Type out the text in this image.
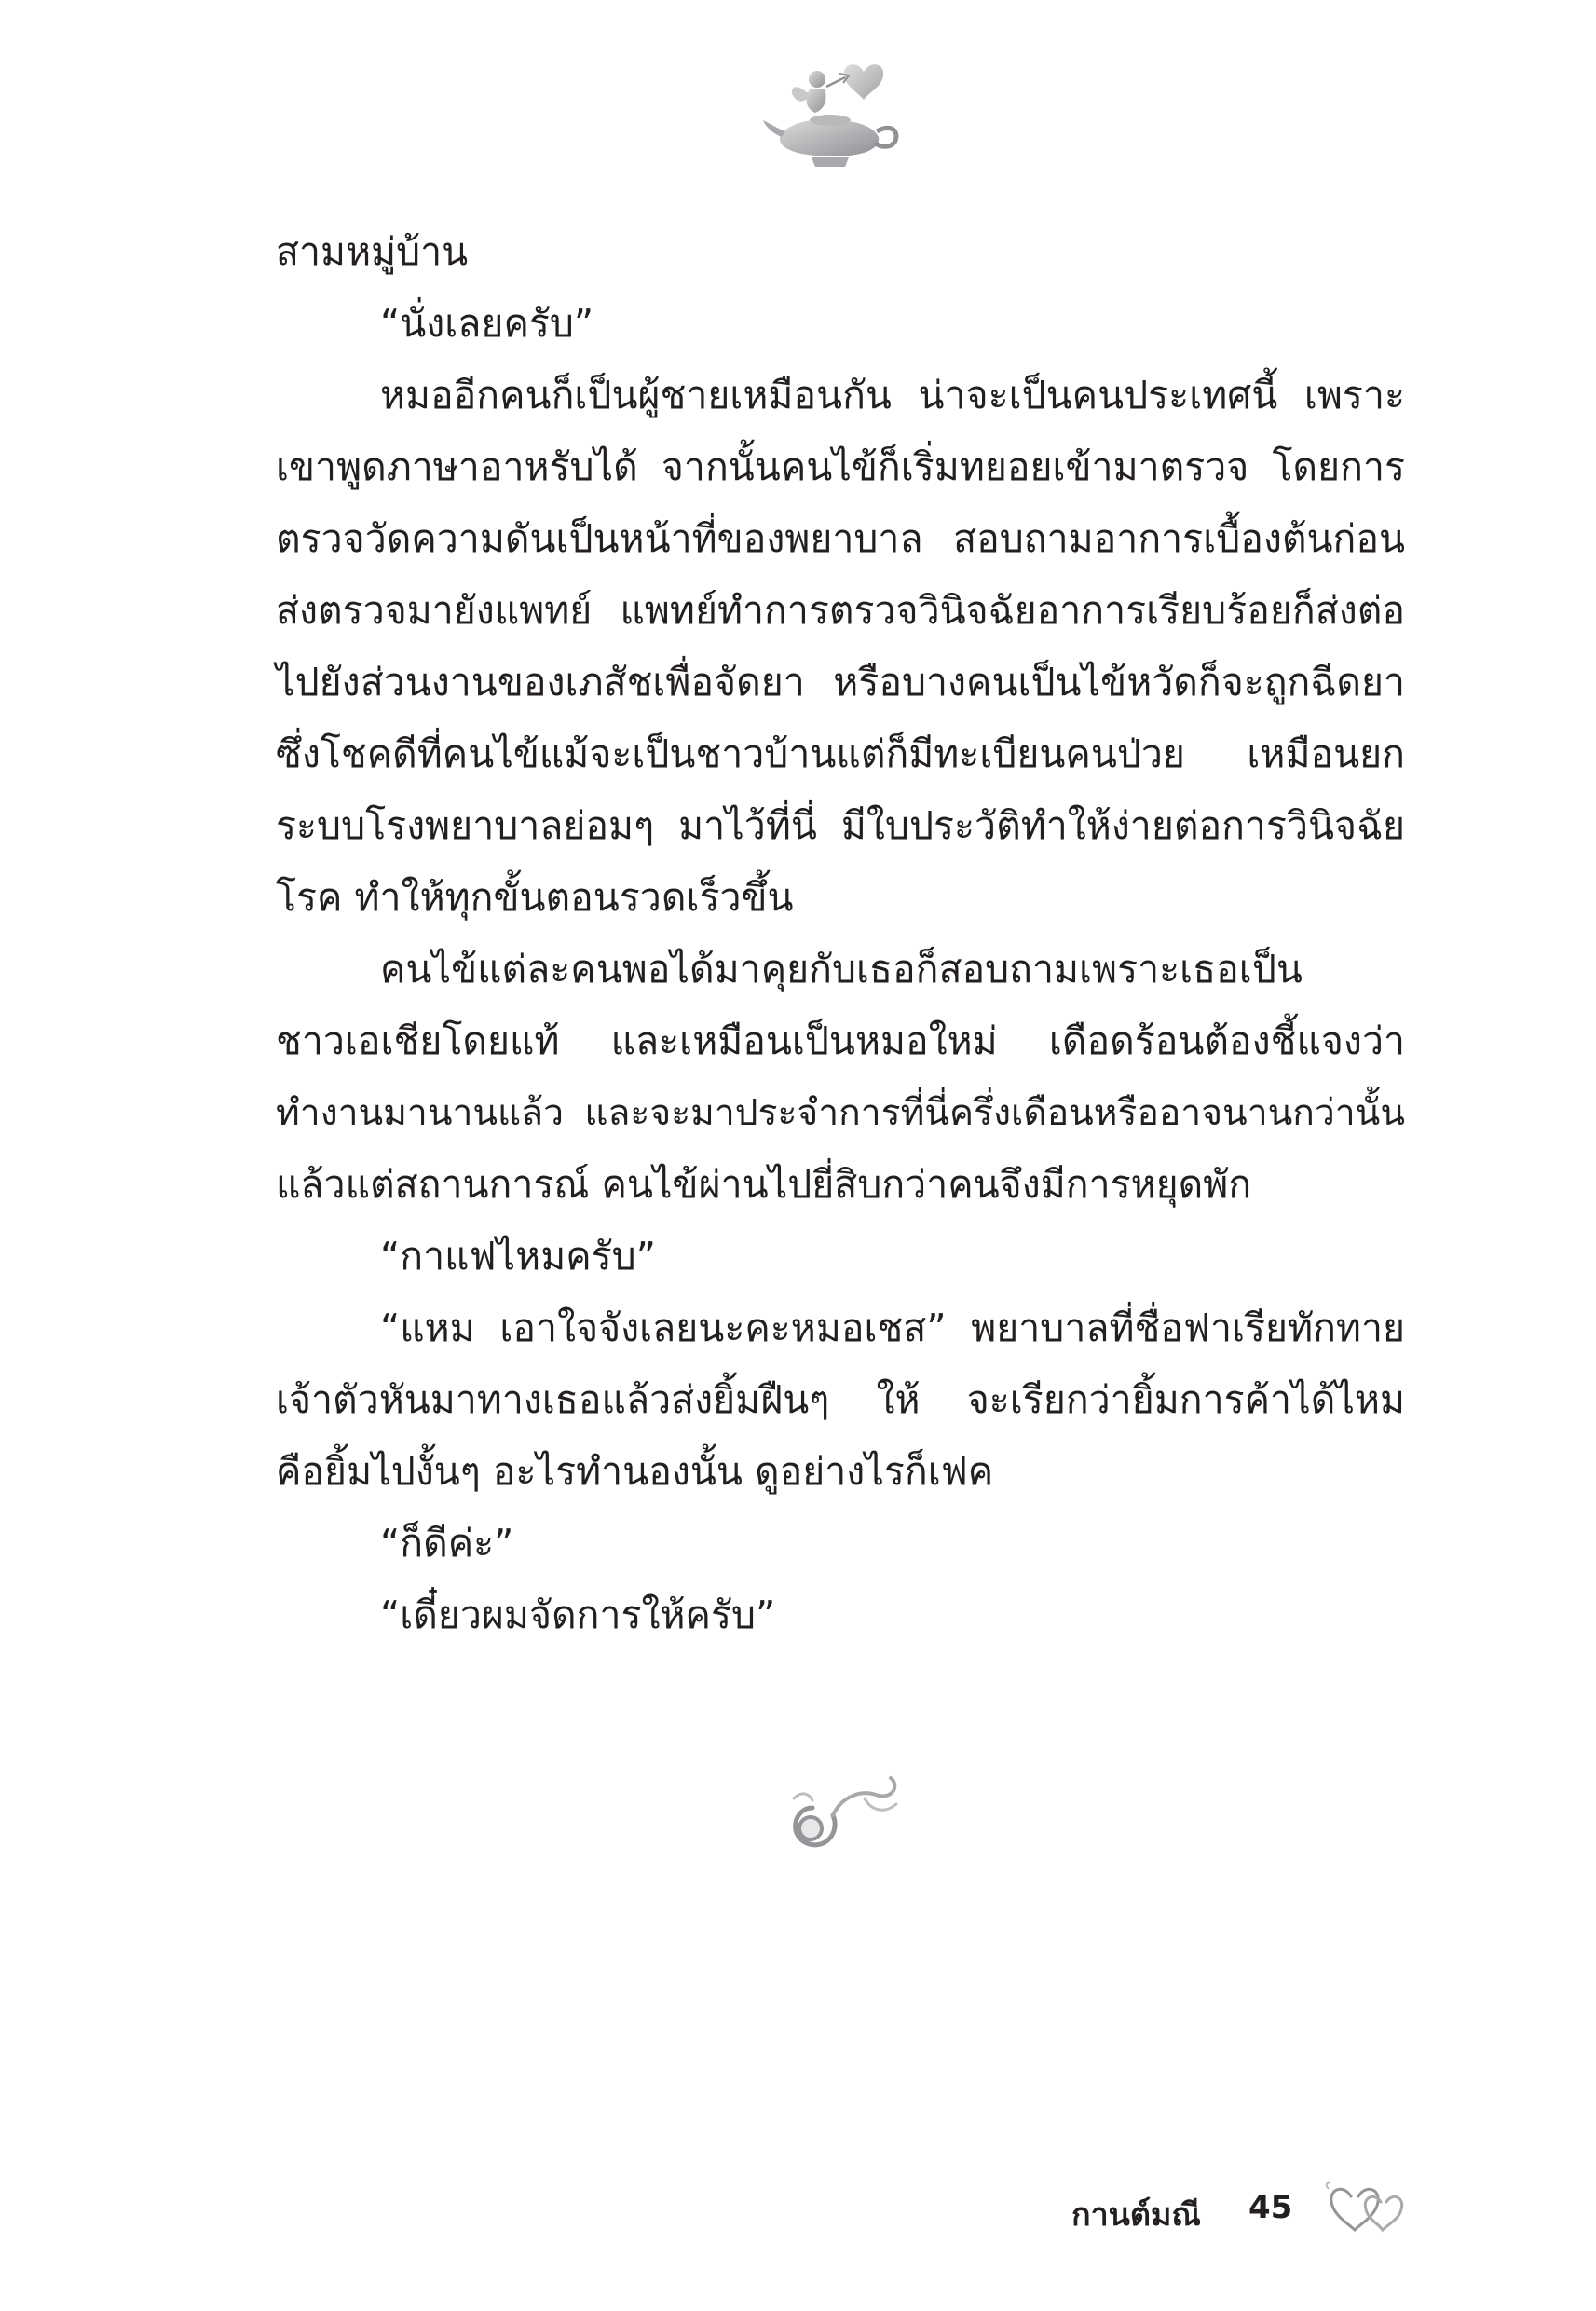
สามหมู่บ้าน
“นั่งเลยครับ”
หมออีกคนก็เป็นผู้ชายเหมือนกัน น่าจะเป็นคนประเทศนี้ เพราะ
เขาพูดภาษาอาหรับได้ จากนั้นคนไข้ก็เริ่มทยอยเข้ามาตรวจ โดยการ
ตรวจวัดความดันเป็นหน้าที่ของพยาบาล สอบถามอาการเบื้องต้นก่อน
ส่งตรวจมายังแพทย์ แพทย์ทำการตรวจวินิจฉัยอาการเรียบร้อยก็ส่งต่อ
ไปยังส่วนงานของเภสัชเพื่อจัดยา หรือบางคนเป็นไข้หวัดก็จะถูกฉีดยา
ซึ่งโชคดีที่คนไข้แม้จะเป็นชาวบ้านแต่ก็มีทะเบียนคนป่วย เหมือนยก
ระบบโรงพยาบาลย่อมๆ มาไว้ที่นี่ มีใบประวัติทำให้ง่ายต่อการวินิจฉัย
โรค ทำให้ทุกขั้นตอนรวดเร็วขึ้น
คนไข้แต่ละคนพอได้มาคุยกับเธอก็สอบถามเพราะเธอเป็น
ชาวเอเชียโดยแท้ และเหมือนเป็นหมอใหม่ เดือดร้อนต้องชี้แจงว่า
ทำงานมานานแล้ว และจะมาประจำการที่นี่ครึ่งเดือนหรืออาจนานกว่านั้น
แล้วแต่สถานการณ์ คนไข้ผ่านไปยี่สิบกว่าคนจึงมีการหยุดพัก
“กาแฟไหมครับ”
“แหม เอาใจจังเลยนะคะหมอเชส” พยาบาลที่ชื่อฟาเรียทักทาย
เจ้าตัวหันมาทางเธอแล้วส่งยิ้มฝืนๆ ให้ จะเรียกว่ายิ้มการค้าได้ไหม
คือยิ้มไปงั้นๆ อะไรทำนองนั้น ดูอย่างไรก็เฟค
“ก็ดีค่ะ”
“เดี๋ยวผมจัดการให้ครับ”
กานต์มณี 45
